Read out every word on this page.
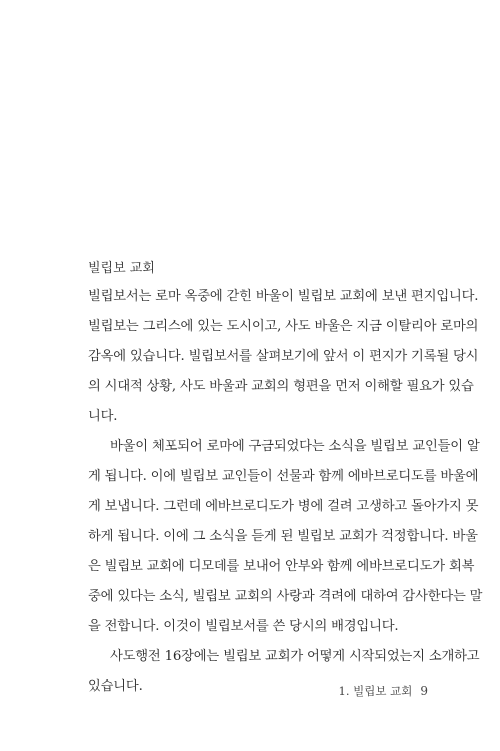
빌립보 교회
빌립보서는 로마 옥중에 갇힌 바울이 빌립보 교회에 보낸 편지입니다.
빌립보는 그리스에 있는 도시이고, 사도 바울은 지금 이탈리아 로마의
감옥에 있습니다. 빌립보서를 살펴보기에 앞서 이 편지가 기록될 당시
의 시대적 상황, 사도 바울과 교회의 형편을 먼저 이해할 필요가 있습
니다.
바울이 체포되어 로마에 구금되었다는 소식을 빌립보 교인들이 알
게 됩니다. 이에 빌립보 교인들이 선물과 함께 에바브로디도를 바울에
게 보냅니다. 그런데 에바브로디도가 병에 걸려 고생하고 돌아가지 못
하게 됩니다. 이에 그 소식을 듣게 된 빌립보 교회가 걱정합니다. 바울
은 빌립보 교회에 디모데를 보내어 안부와 함께 에바브로디도가 회복
중에 있다는 소식, 빌립보 교회의 사랑과 격려에 대하여 감사한다는 말
을 전합니다. 이것이 빌립보서를 쓴 당시의 배경입니다.
사도행전 16장에는 빌립보 교회가 어떻게 시작되었는지 소개하고
있습니다.	1. 빌립보 교회 9
